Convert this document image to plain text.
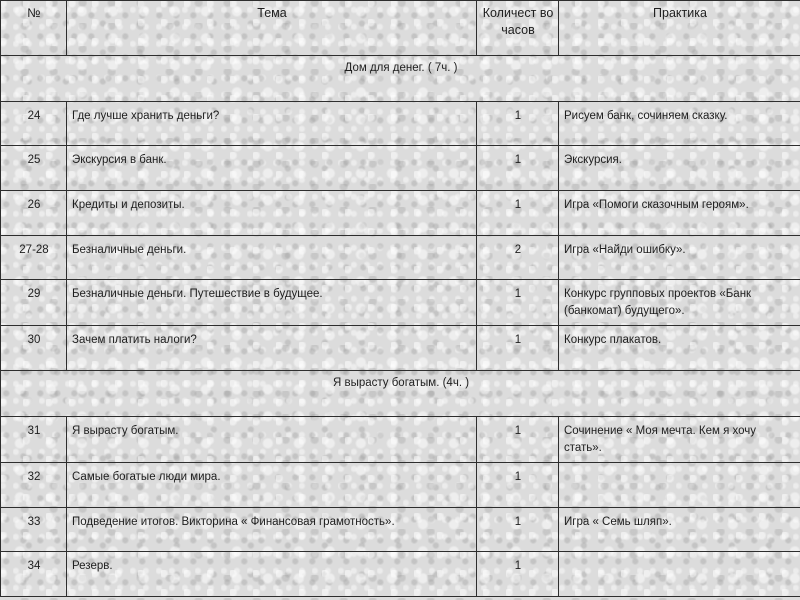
№	Тема	Количест во часов	Практика
Дом для денег. ( 7ч. )			
24	Где лучше хранить деньги?	1	Рисуем банк, сочиняем сказку.
25	Экскурсия в банк.	1	Экскурсия.
26	Кредиты и депозиты.	1	Игра «Помоги сказочным героям».
27-28	Безналичные деньги.	2	Игра «Найди ошибку».
29	Безналичные деньги. Путешествие в будущее.	1	Конкурс групповых проектов «Банк (банкомат) будущего».
30	Зачем платить налоги?	1	Конкурс плакатов.
Я вырасту богатым. (4ч. )			
31	Я вырасту богатым.	1	Сочинение « Моя мечта. Кем я хочу стать».
32	Самые богатые люди мира.	1	
33	Подведение итогов. Викторина « Финансовая грамотность».	1	Игра « Семь шляп».
34	Резерв.	1	
